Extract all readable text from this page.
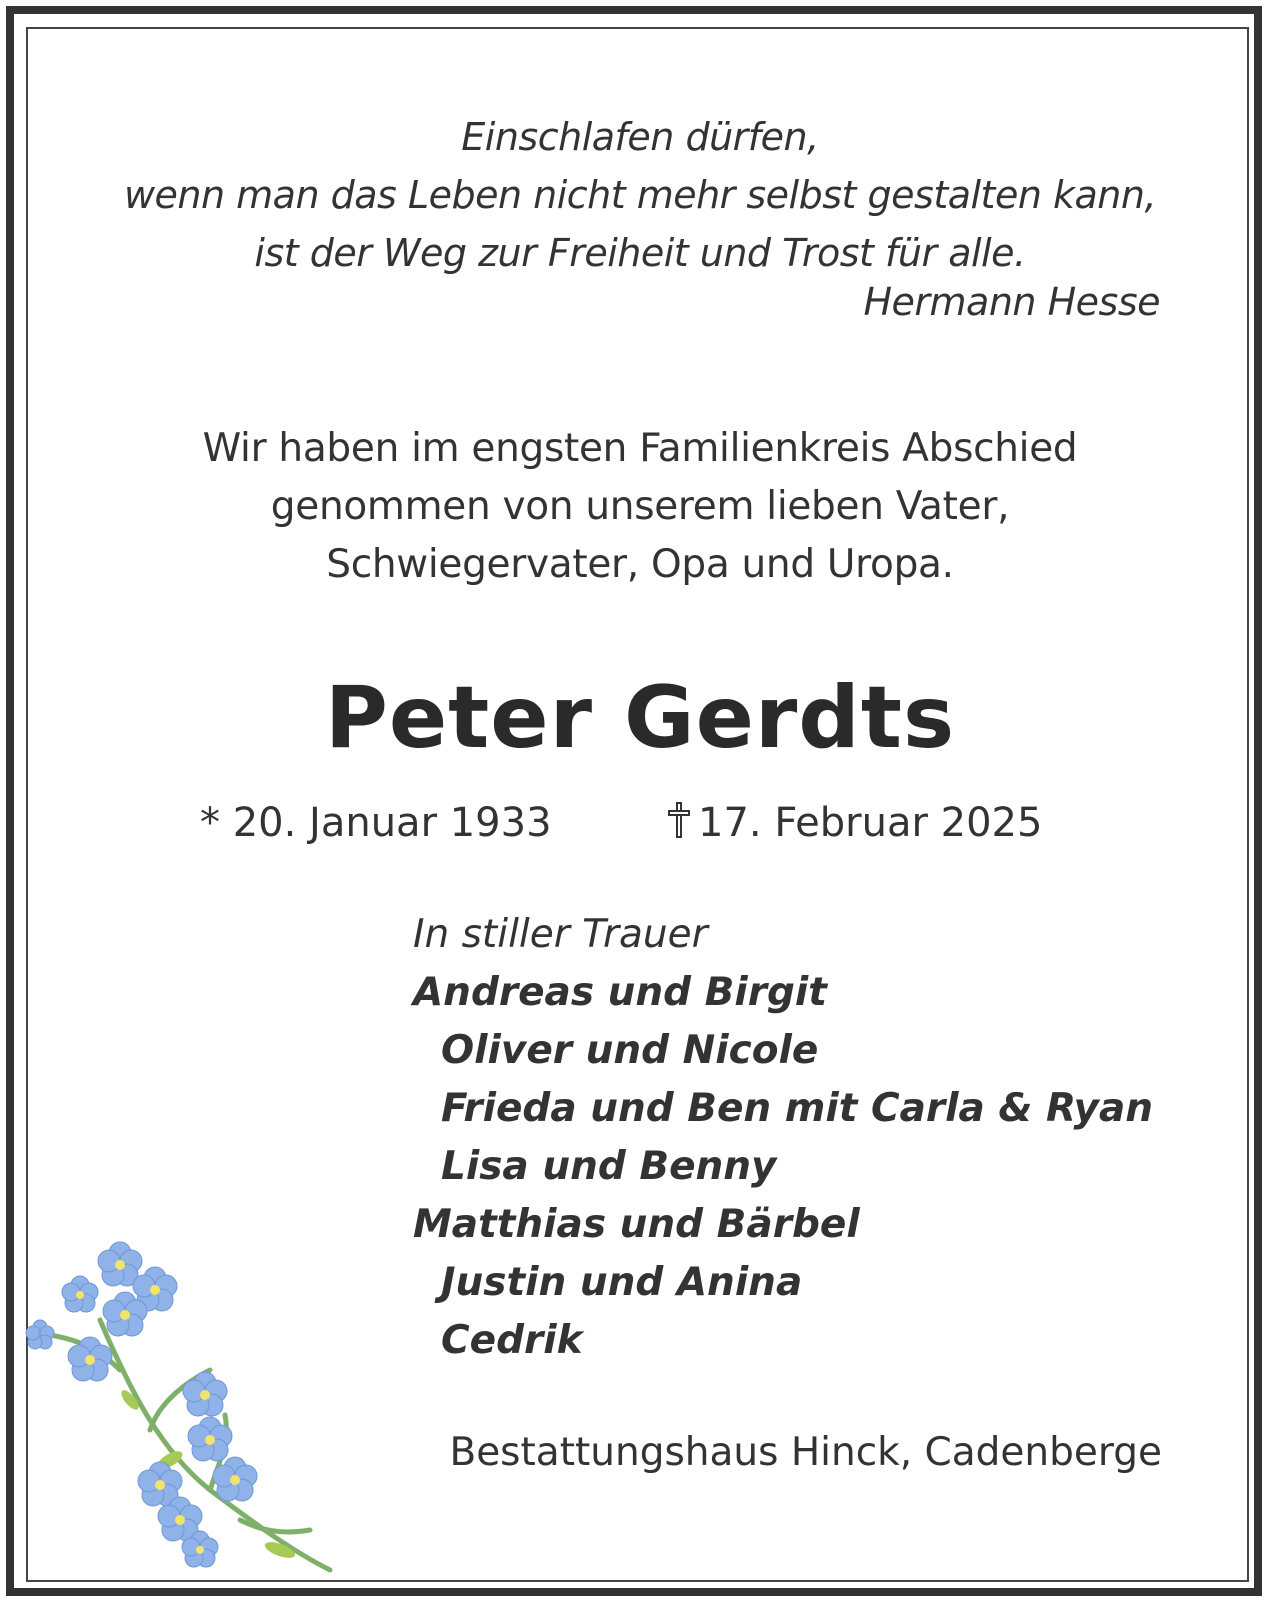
Einschlafen dürfen,
wenn man das Leben nicht mehr selbst gestalten kann,
ist der Weg zur Freiheit und Trost für alle.
Hermann Hesse
Wir haben im engsten Familienkreis Abschied
genommen von unserem lieben Vater,
Schwiegervater, Opa und Uropa.
Peter Gerdts
* 20. Januar 1933	17. Februar 2025
In stiller Trauer
Andreas und Birgit
Oliver und Nicole
Frieda und Ben mit Carla & Ryan
Lisa und Benny
Matthias und Bärbel
Justin und Anina
Cedrik
Bestattungshaus Hinck, Cadenberge
